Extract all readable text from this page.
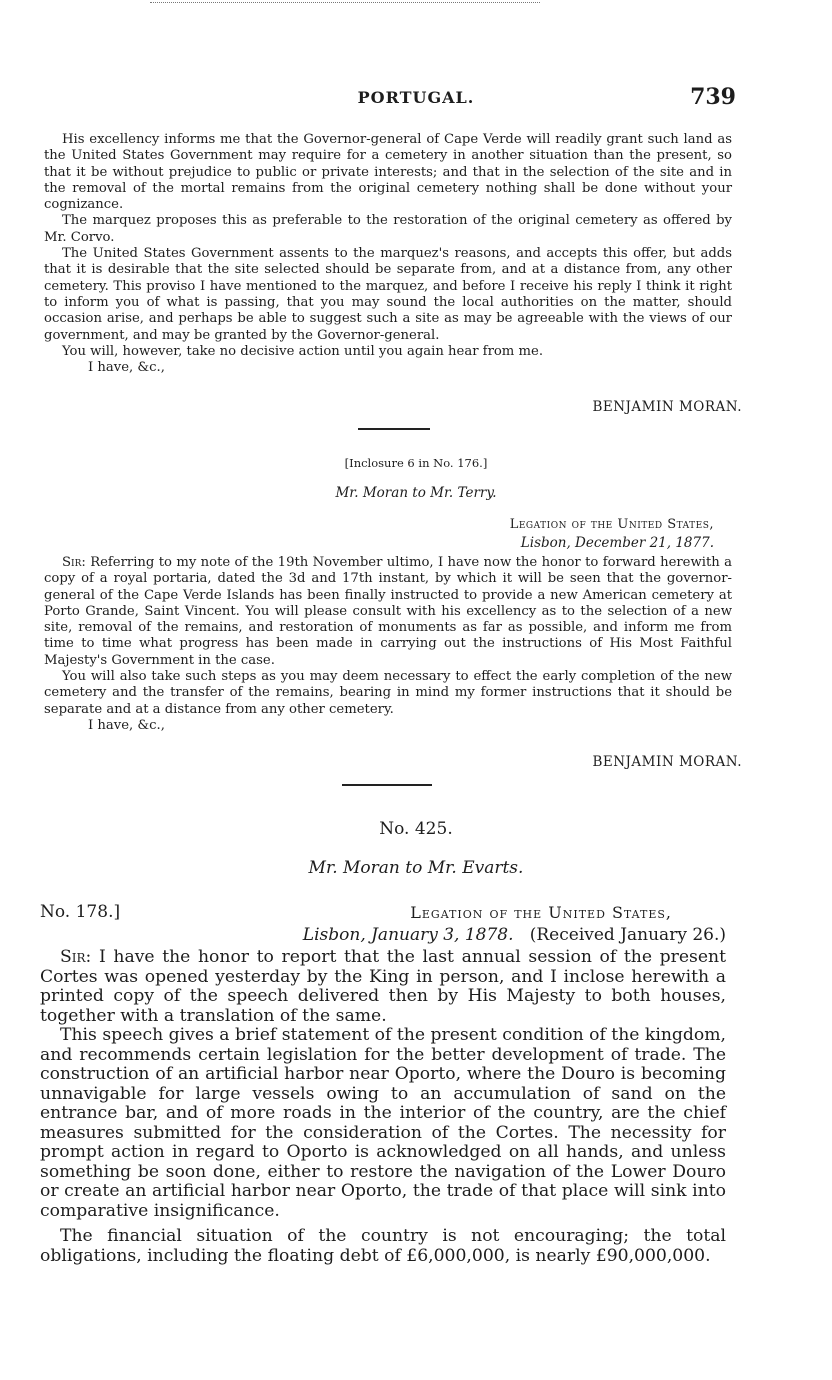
PORTUGAL.	739

His excellency informs me that the Governor-general of Cape Verde will readily grant such land as the United States Government may require for a cemetery in another situation than the present, so that it be without prejudice to public or private interests; and that in the selection of the site and in the removal of the mortal remains from the original cemetery nothing shall be done without your cognizance.

The marquez proposes this as preferable to the restoration of the original cemetery as offered by Mr. Corvo.

The United States Government assents to the marquez's reasons, and accepts this offer, but adds that it is desirable that the site selected should be separate from, and at a distance from, any other cemetery. This proviso I have mentioned to the marquez, and before I receive his reply I think it right to inform you of what is passing, that you may sound the local authorities on the matter, should occasion arise, and perhaps be able to suggest such a site as may be agreeable with the views of our government, and may be granted by the Governor-general.

You will, however, take no decisive action until you again hear from me.

I have, &c.,

BENJAMIN MORAN.
[Inclosure 6 in No. 176.]
Mr. Moran to Mr. Terry.
Legation of the United States,
Lisbon, December 21, 1877.

Sir: Referring to my note of the 19th November ultimo, I have now the honor to forward herewith a copy of a royal portaria, dated the 3d and 17th instant, by which it will be seen that the governor-general of the Cape Verde Islands has been finally instructed to provide a new American cemetery at Porto Grande, Saint Vincent. You will please consult with his excellency as to the selection of a new site, removal of the remains, and restoration of monuments as far as possible, and inform me from time to time what progress has been made in carrying out the instructions of His Most Faithful Majesty's Government in the case.

You will also take such steps as you may deem necessary to effect the early completion of the new cemetery and the transfer of the remains, bearing in mind my former instructions that it should be separate and at a distance from any other cemetery.

I have, &c.,

BENJAMIN MORAN.
No. 425.
Mr. Moran to Mr. Evarts.
No. 178.]	Legation of the United States,
Lisbon, January 3, 1878. (Received January 26.)

Sir: I have the honor to report that the last annual session of the present Cortes was opened yesterday by the King in person, and I inclose herewith a printed copy of the speech delivered then by His Majesty to both houses, together with a translation of the same.

This speech gives a brief statement of the present condition of the kingdom, and recommends certain legislation for the better development of trade. The construction of an artificial harbor near Oporto, where the Douro is becoming unnavigable for large vessels owing to an accumulation of sand on the entrance bar, and of more roads in the interior of the country, are the chief measures submitted for the consideration of the Cortes. The necessity for prompt action in regard to Oporto is acknowledged on all hands, and unless something be soon done, either to restore the navigation of the Lower Douro or create an artificial harbor near Oporto, the trade of that place will sink into comparative insignificance.

The financial situation of the country is not encouraging; the total obligations, including the floating debt of £6,000,000, is nearly £90,000,000.
